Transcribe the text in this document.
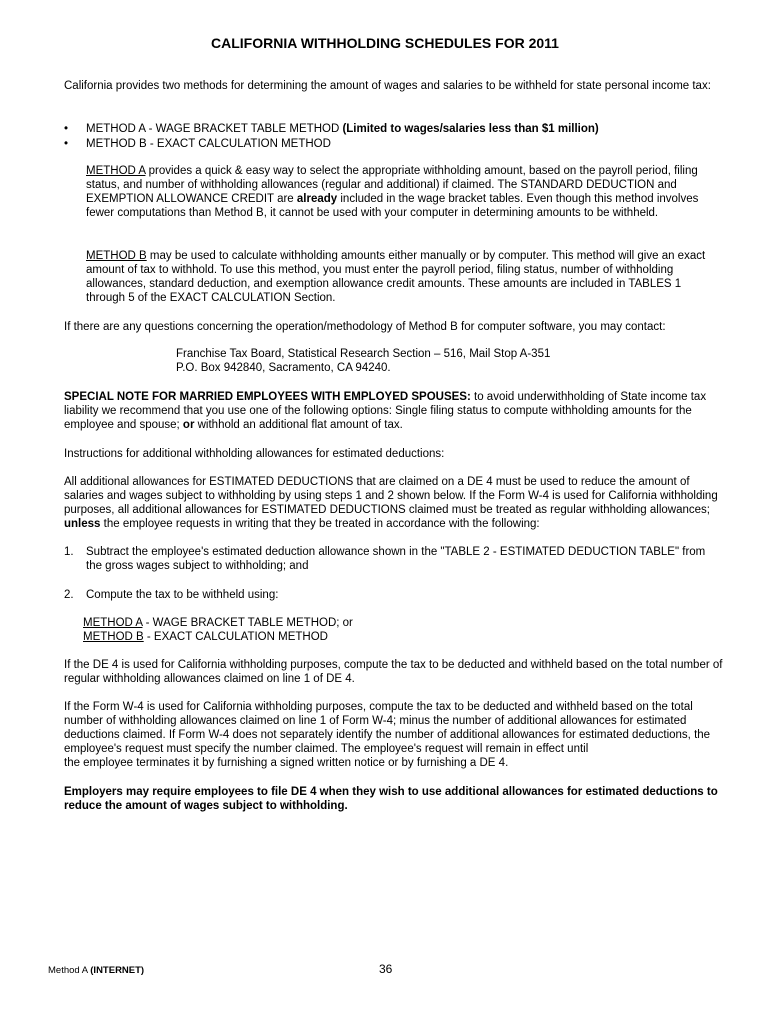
CALIFORNIA WITHHOLDING SCHEDULES FOR 2011
California provides two methods for determining the amount of wages and salaries to be withheld for state personal income tax:
•	METHOD A - WAGE BRACKET TABLE METHOD (Limited to wages/salaries less than $1 million)
•	METHOD B - EXACT CALCULATION METHOD
METHOD A provides a quick & easy way to select the appropriate withholding amount, based on the payroll period, filing status, and number of withholding allowances (regular and additional) if claimed. The STANDARD DEDUCTION and EXEMPTION ALLOWANCE CREDIT are already included in the wage bracket tables. Even though this method involves fewer computations than Method B, it cannot be used with your computer in determining amounts to be withheld.
METHOD B may be used to calculate withholding amounts either manually or by computer. This method will give an exact amount of tax to withhold. To use this method, you must enter the payroll period, filing status, number of withholding allowances, standard deduction, and exemption allowance credit amounts. These amounts are included in TABLES 1 through 5 of the EXACT CALCULATION Section.
If there are any questions concerning the operation/methodology of Method B for computer software, you may contact:
Franchise Tax Board, Statistical Research Section – 516, Mail Stop A-351
P.O. Box 942840, Sacramento, CA 94240.
SPECIAL NOTE FOR MARRIED EMPLOYEES WITH EMPLOYED SPOUSES: to avoid underwithholding of State income tax liability we recommend that you use one of the following options: Single filing status to compute withholding amounts for the employee and spouse; or withhold an additional flat amount of tax.
Instructions for additional withholding allowances for estimated deductions:
All additional allowances for ESTIMATED DEDUCTIONS that are claimed on a DE 4 must be used to reduce the amount of salaries and wages subject to withholding by using steps 1 and 2 shown below. If the Form W-4 is used for California withholding purposes, all additional allowances for ESTIMATED DEDUCTIONS claimed must be treated as regular withholding allowances; unless the employee requests in writing that they be treated in accordance with the following:
1. Subtract the employee's estimated deduction allowance shown in the "TABLE 2 - ESTIMATED DEDUCTION TABLE" from the gross wages subject to withholding; and
2. Compute the tax to be withheld using:
METHOD A - WAGE BRACKET TABLE METHOD; or
METHOD B - EXACT CALCULATION METHOD
If the DE 4 is used for California withholding purposes, compute the tax to be deducted and withheld based on the total number of regular withholding allowances claimed on line 1 of DE 4.
If the Form W-4 is used for California withholding purposes, compute the tax to be deducted and withheld based on the total number of withholding allowances claimed on line 1 of Form W-4; minus the number of additional allowances for estimated deductions claimed. If Form W-4 does not separately identify the number of additional allowances for estimated deductions, the employee's request must specify the number claimed. The employee's request will remain in effect until
the employee terminates it by furnishing a signed written notice or by furnishing a DE 4.
Employers may require employees to file DE 4 when they wish to use additional allowances for estimated deductions to reduce the amount of wages subject to withholding.
Method A (INTERNET)	36
